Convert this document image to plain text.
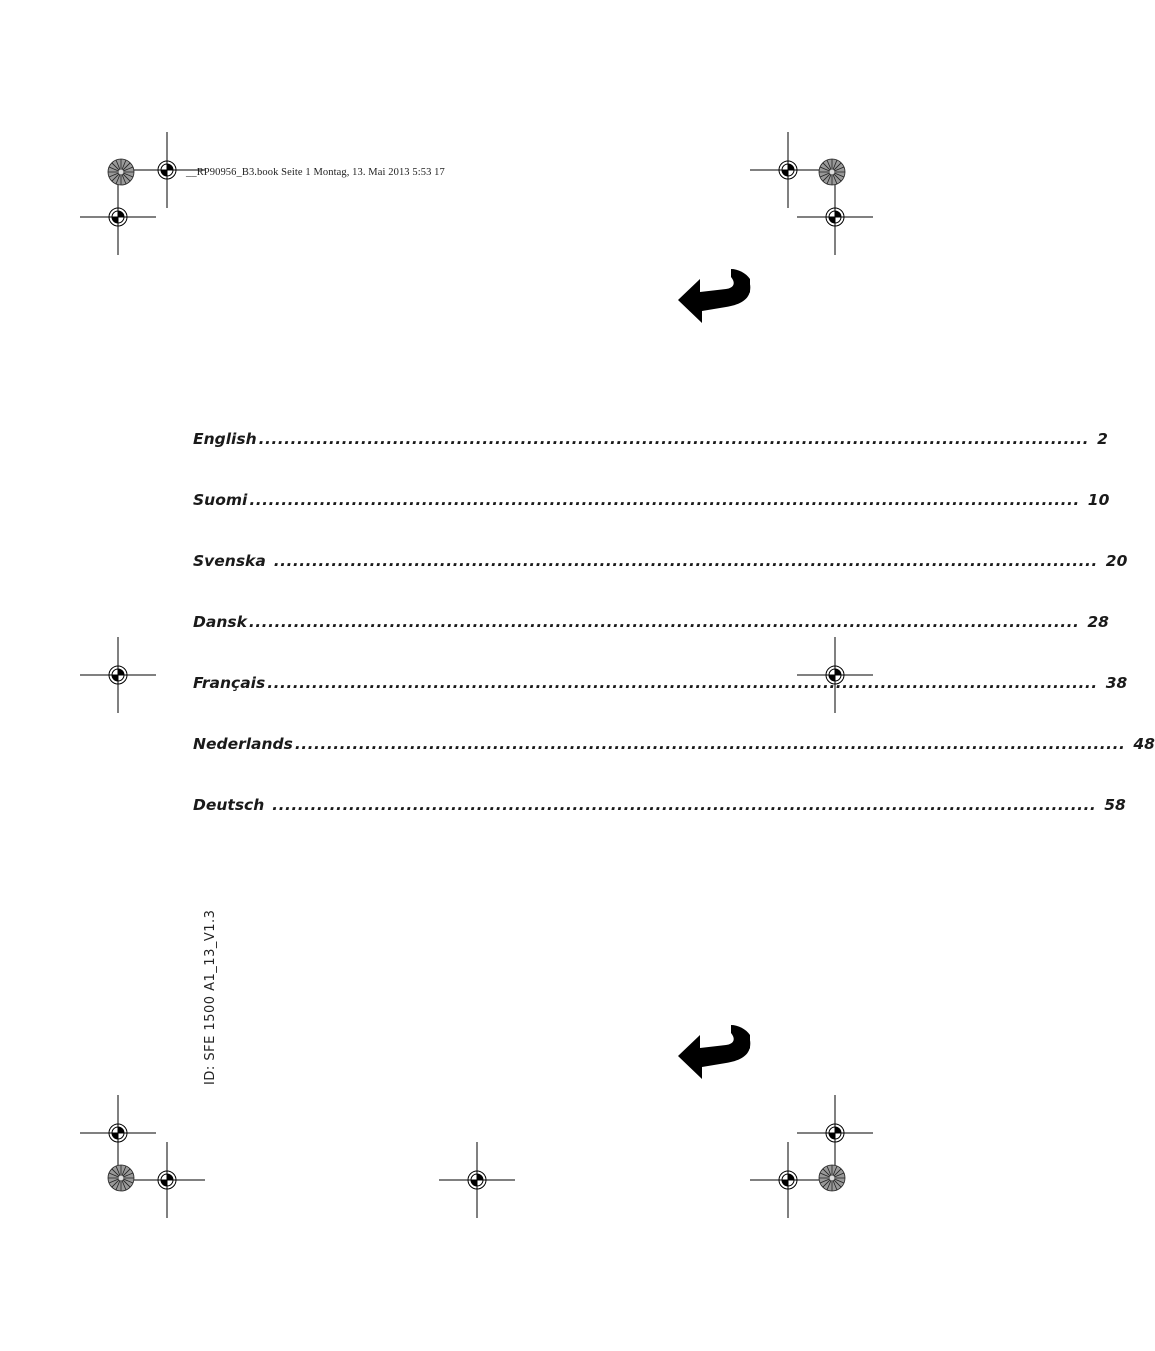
__RP90956_B3.book Seite 1 Montag, 13. Mai 2013 5:53 17
English .................................................................................................................................. 2
Suomi .................................................................................................................................. 10
Svenska ................................................................................................................................. 20
Dansk .................................................................................................................................. 28
Français .................................................................................................................................. 38
Nederlands .................................................................................................................................. 48
Deutsch ................................................................................................................................. 58
ID: SFE 1500 A1_13_V1.3
